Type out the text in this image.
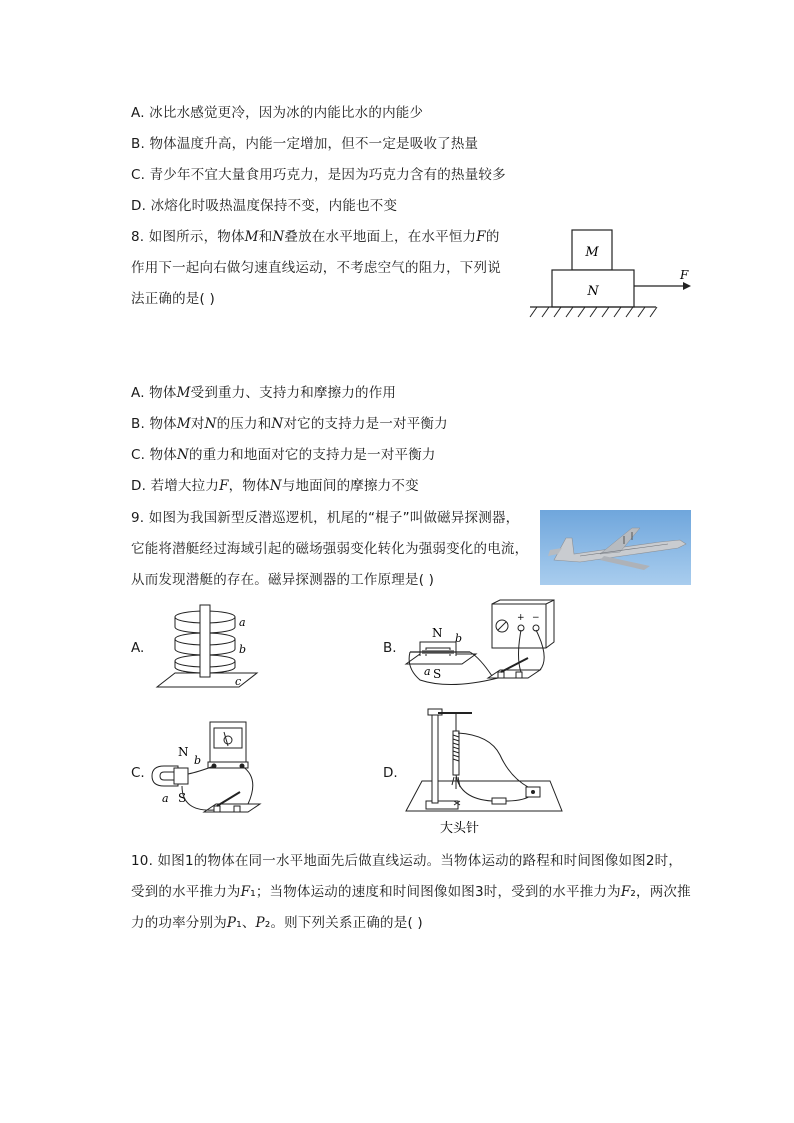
A. 冰比水感觉更冷，因为冰的内能比水的内能少
B. 物体温度升高，内能一定增加，但不一定是吸收了热量
C. 青少年不宜大量食用巧克力，是因为巧克力含有的热量较多
D. 冰熔化时吸热温度保持不变，内能也不变
8. 如图所示，物体M和N叠放在水平地面上，在水平恒力F的
作用下一起向右做匀速直线运动，不考虑空气的阻力，下列说
法正确的是( )
M
N
F
A. 物体M受到重力、支持力和摩擦力的作用
B. 物体M对N的压力和N对它的支持力是一对平衡力
C. 物体N的重力和地面对它的支持力是一对平衡力
D. 若增大拉力F，物体N与地面间的摩擦力不变
9. 如图为我国新型反潜巡逻机，机尾的“棍子”叫做磁异探测器，
它能将潜艇经过海域引起的磁场强弱变化转化为强弱变化的电流，
从而发现潜艇的存在。磁异探测器的工作原理是( )
A.
a
b
c
B.
+ −
N b
a S
C.
N
b
a S
D.
大头针
10. 如图1的物体在同一水平地面先后做直线运动。当物体运动的路程和时间图像如图2时，
受到的水平推力为F₁；当物体运动的速度和时间图像如图3时，受到的水平推力为F₂，两次推
力的功率分别为P₁、P₂。则下列关系正确的是( )
